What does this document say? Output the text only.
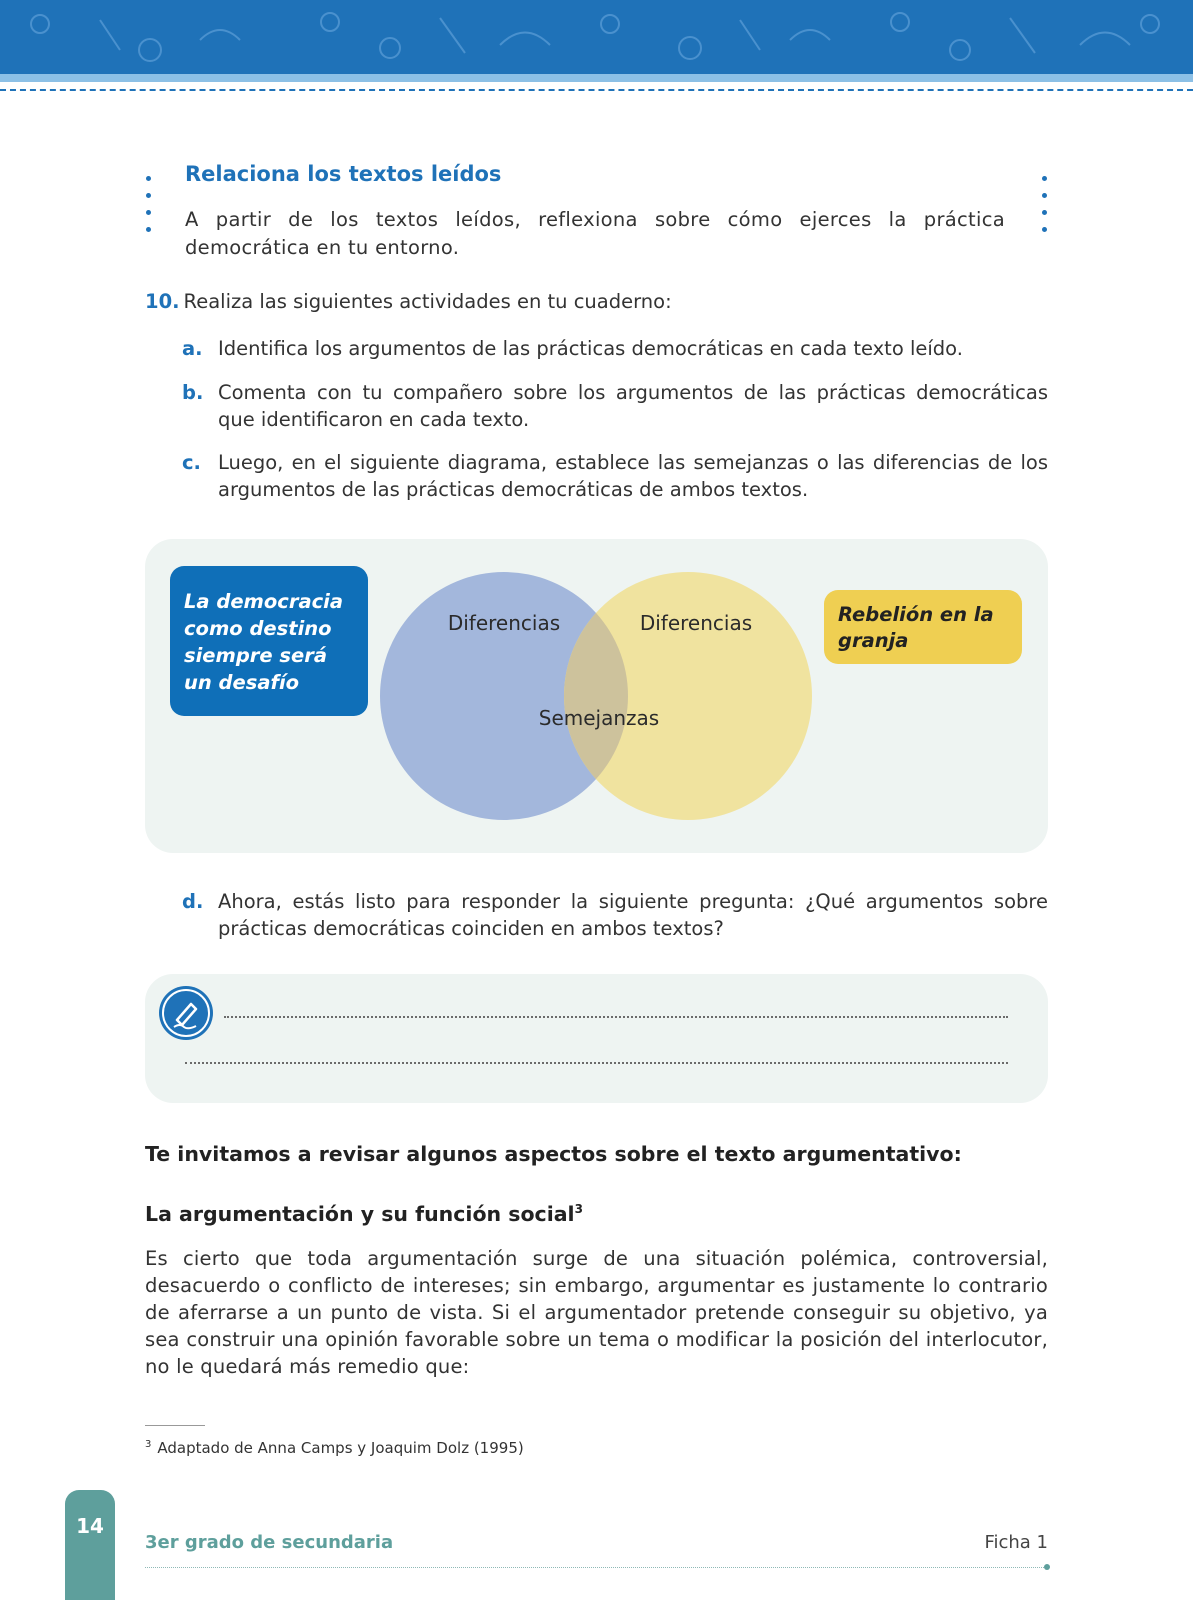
Relaciona los textos leídos
A partir de los textos leídos, reflexiona sobre cómo ejerces la práctica democrática en tu entorno.
10. Realiza las siguientes actividades en tu cuaderno:
a. Identifica los argumentos de las prácticas democráticas en cada texto leído.
b. Comenta con tu compañero sobre los argumentos de las prácticas democráticas que identificaron en cada texto.
c. Luego, en el siguiente diagrama, establece las semejanzas o las diferencias de los argumentos de las prácticas democráticas de ambos textos.
La democracia como destino siempre será un desafío
Rebelión en la granja
Diferencias	Diferencias
Semejanzas
d. Ahora, estás listo para responder la siguiente pregunta: ¿Qué argumentos sobre prácticas democráticas coinciden en ambos textos?
Te invitamos a revisar algunos aspectos sobre el texto argumentativo:
La argumentación y su función social$^3$
Es cierto que toda argumentación surge de una situación polémica, controversial, desacuerdo o conflicto de intereses; sin embargo, argumentar es justamente lo contrario de aferrarse a un punto de vista. Si el argumentador pretende conseguir su objetivo, ya sea construir una opinión favorable sobre un tema o modificar la posición del interlocutor, no le quedará más remedio que:
$^3$ Adaptado de Anna Camps y Joaquim Dolz (1995)
14
3er grado de secundaria	Ficha 1
